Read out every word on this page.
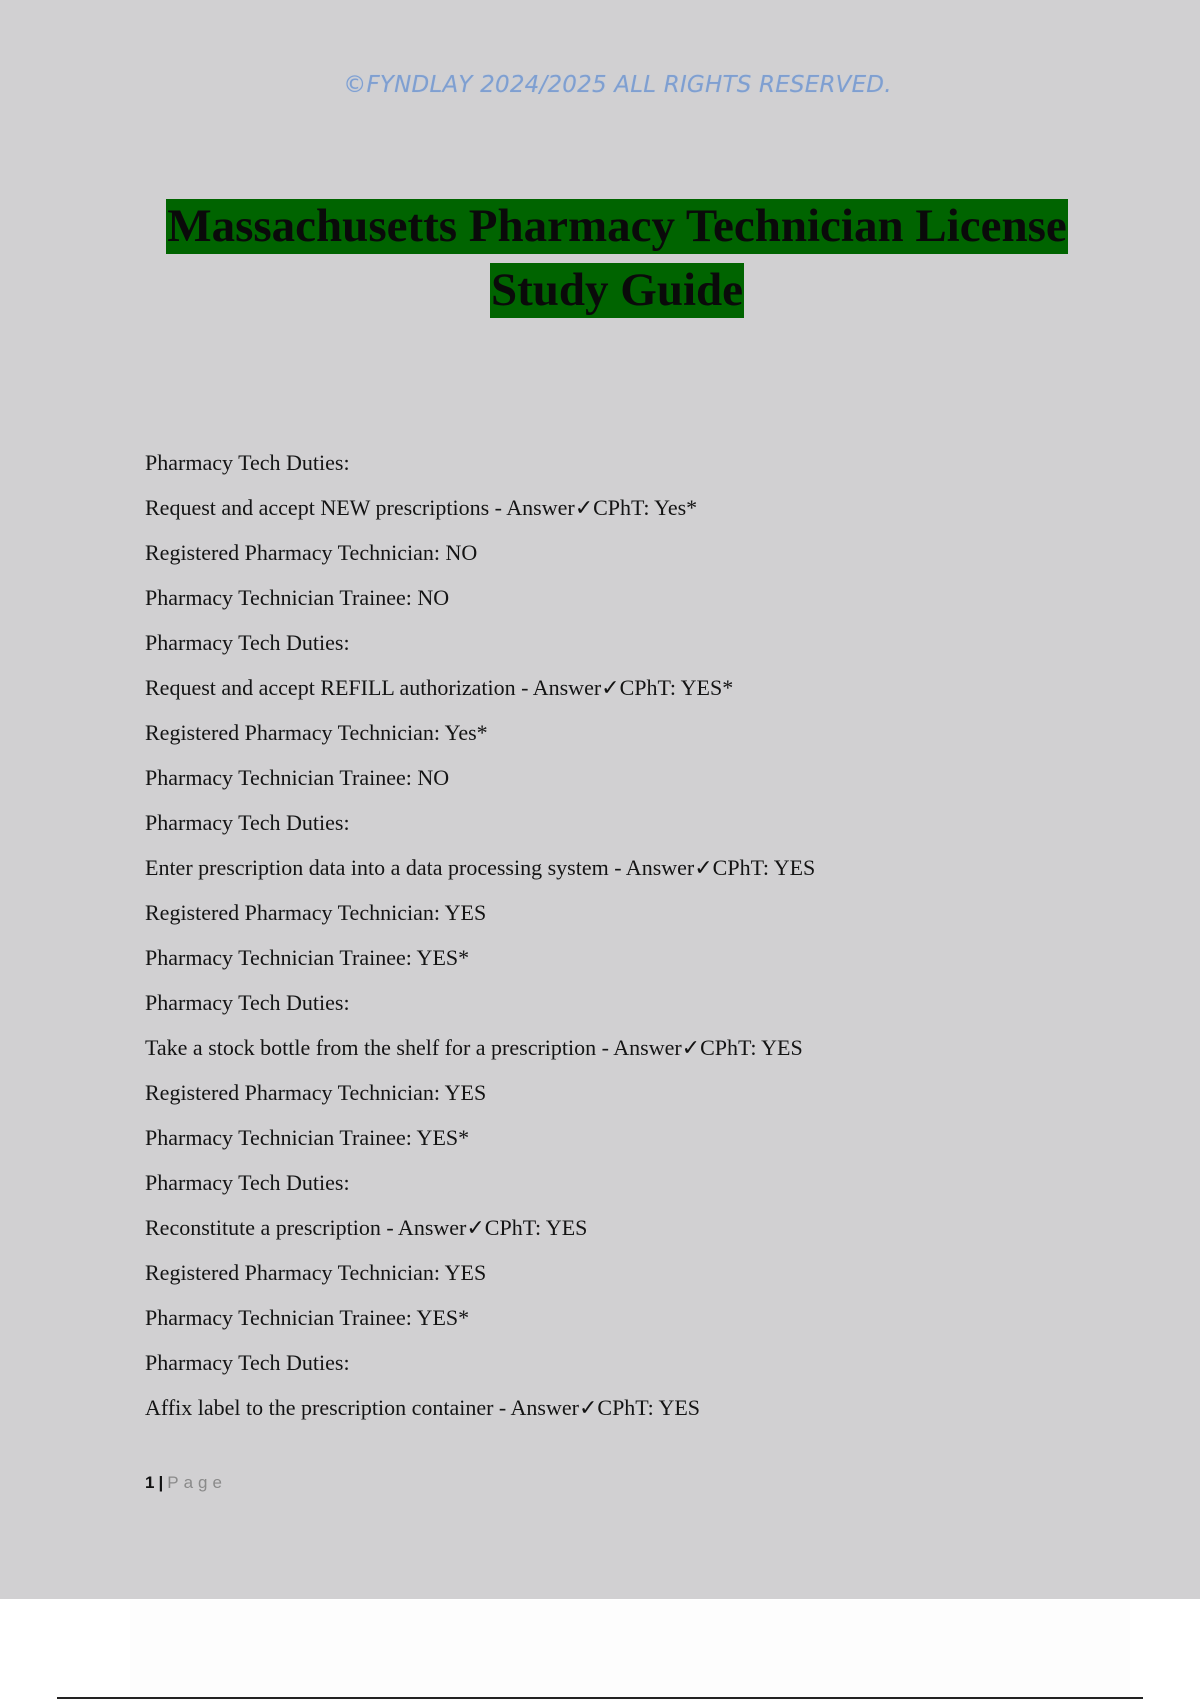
©FYNDLAY 2024/2025 ALL RIGHTS RESERVED.
Massachusetts Pharmacy Technician License
Study Guide
Pharmacy Tech Duties:
Request and accept NEW prescriptions - Answer✓CPhT: Yes*
Registered Pharmacy Technician: NO
Pharmacy Technician Trainee: NO
Pharmacy Tech Duties:
Request and accept REFILL authorization - Answer✓CPhT: YES*
Registered Pharmacy Technician: Yes*
Pharmacy Technician Trainee: NO
Pharmacy Tech Duties:
Enter prescription data into a data processing system - Answer✓CPhT: YES
Registered Pharmacy Technician: YES
Pharmacy Technician Trainee: YES*
Pharmacy Tech Duties:
Take a stock bottle from the shelf for a prescription - Answer✓CPhT: YES
Registered Pharmacy Technician: YES
Pharmacy Technician Trainee: YES*
Pharmacy Tech Duties:
Reconstitute a prescription - Answer✓CPhT: YES
Registered Pharmacy Technician: YES
Pharmacy Technician Trainee: YES*
Pharmacy Tech Duties:
Affix label to the prescription container - Answer✓CPhT: YES
1 | Page
